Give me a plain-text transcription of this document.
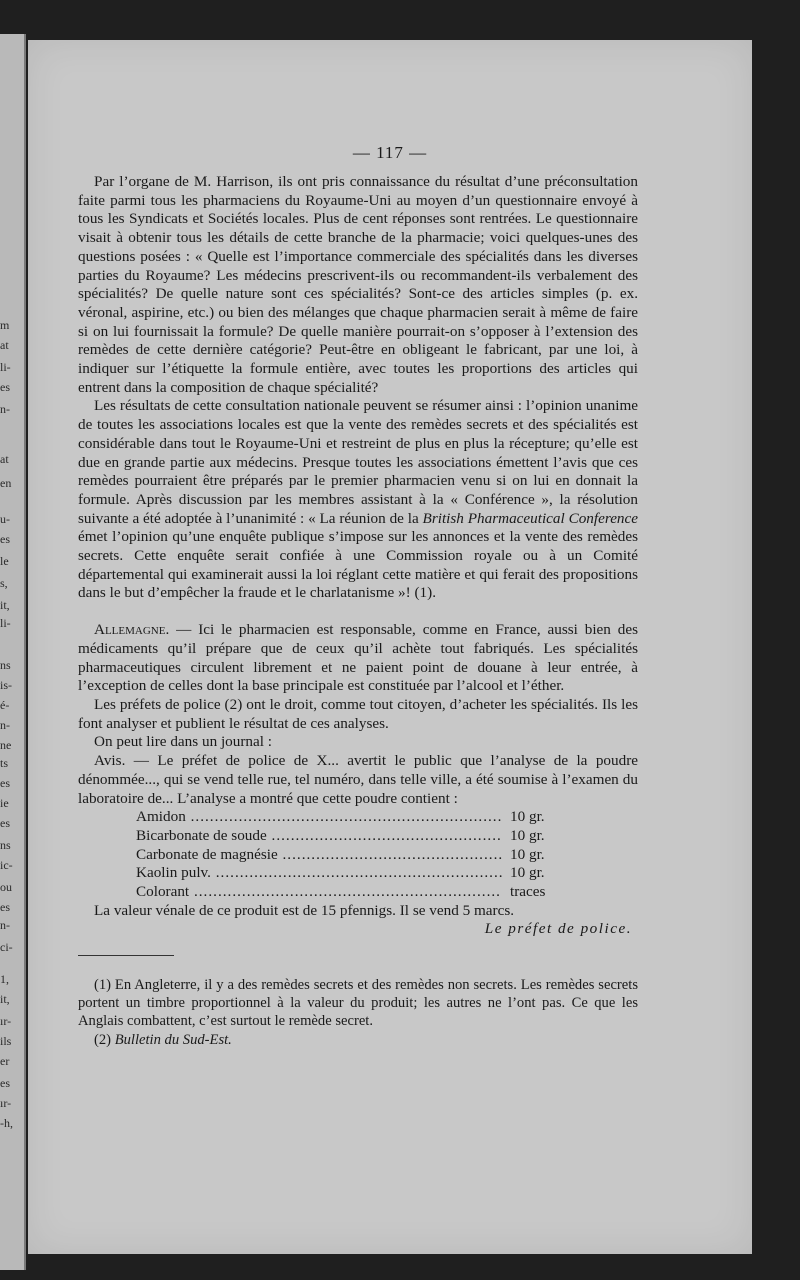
m
at
li-
es
n-
at
en
u-
es
le
s,
it,
li-
ns
is-
é-
n-
ne
ts
es
ie
es
ns
ic-
ou
es
n-
ci-
1,
it,
ır-
ils
er
es
ır-
-h,
— 117 —

Par l’organe de M. Harrison, ils ont pris connaissance du résultat d’une préconsultation faite parmi tous les pharmaciens du Royaume-Uni au moyen d’un questionnaire envoyé à tous les Syndicats et Sociétés locales. Plus de cent réponses sont rentrées. Le questionnaire visait à obtenir tous les détails de cette branche de la pharmacie; voici quelques-unes des questions posées : « Quelle est l’importance commerciale des spécialités dans les diverses parties du Royaume? Les médecins prescrivent-ils ou recommandent-ils verbalement des spécialités? De quelle nature sont ces spécialités? Sont-ce des articles simples (p. ex. véronal, aspirine, etc.) ou bien des mélanges que chaque pharmacien serait à même de faire si on lui fournissait la formule? De quelle manière pourrait-on s’opposer à l’extension des remèdes de cette dernière catégorie? Peut-être en obligeant le fabricant, par une loi, à indiquer sur l’étiquette la formule entière, avec toutes les proportions des articles qui entrent dans la composition de chaque spécialité?

Les résultats de cette consultation nationale peuvent se résumer ainsi : l’opinion unanime de toutes les associations locales est que la vente des remèdes secrets et des spécialités est considérable dans tout le Royaume-Uni et restreint de plus en plus la récepture; qu’elle est due en grande partie aux médecins. Presque toutes les associations émettent l’avis que ces remèdes pourraient être préparés par le premier pharmacien venu si on lui en donnait la formule. Après discussion par les membres assistant à la « Conférence », la résolution suivante a été adoptée à l’unanimité : « La réunion de la British Pharmaceutical Conference émet l’opinion qu’une enquête publique s’impose sur les annonces et la vente des remèdes secrets. Cette enquête serait confiée à une Commission royale ou à un Comité départemental qui examinerait aussi la loi réglant cette matière et qui ferait des propositions dans le but d’empêcher la fraude et le charlatanisme »! (1).

Allemagne. — Ici le pharmacien est responsable, comme en France, aussi bien des médicaments qu’il prépare que de ceux qu’il achète tout fabriqués. Les spécialités pharmaceutiques circulent librement et ne paient point de douane à leur entrée, à l’exception de celles dont la base principale est constituée par l’alcool et l’éther.

Les préfets de police (2) ont le droit, comme tout citoyen, d’acheter les spécialités. Ils les font analyser et publient le résultat de ces analyses.

On peut lire dans un journal :

Avis. — Le préfet de police de X... avertit le public que l’analyse de la poudre dénommée..., qui se vend telle rue, tel numéro, dans telle ville, a été soumise à l’examen du laboratoire de... L’analyse a montré que cette poudre contient :

Amidon .....	10 gr.
Bicarbonate de soude .....	10 gr.
Carbonate de magnésie .....	10 gr.
Kaolin pulv. .....	10 gr.
Colorant .....	traces

La valeur vénale de ce produit est de 15 pfennigs. Il se vend 5 marcs.

Le préfet de police.

(1) En Angleterre, il y a des remèdes secrets et des remèdes non secrets. Les remèdes secrets portent un timbre proportionnel à la valeur du produit; les autres ne l’ont pas. Ce que les Anglais combattent, c’est surtout le remède secret.

(2) Bulletin du Sud-Est.
